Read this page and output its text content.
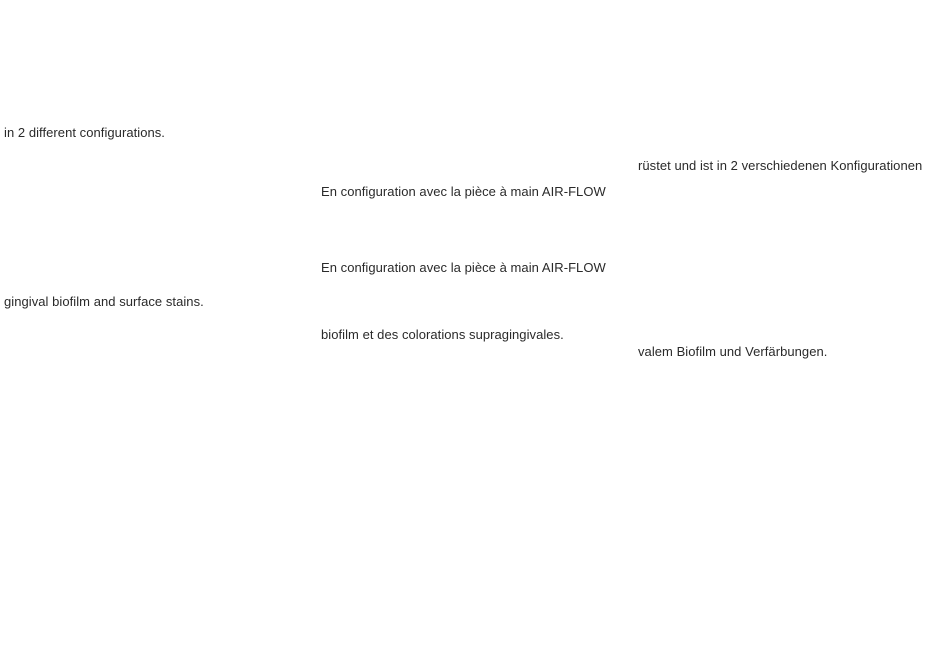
in 2 different configurations.
gingival biofilm and surface stains.
En configuration avec la pièce à main AIR-FLOW
En configuration avec la pièce à main AIR-FLOW
biofilm et des colorations supragingivales.
rüstet und ist in 2 verschiedenen Konfigurationen
valem Biofilm und Verfärbungen.
